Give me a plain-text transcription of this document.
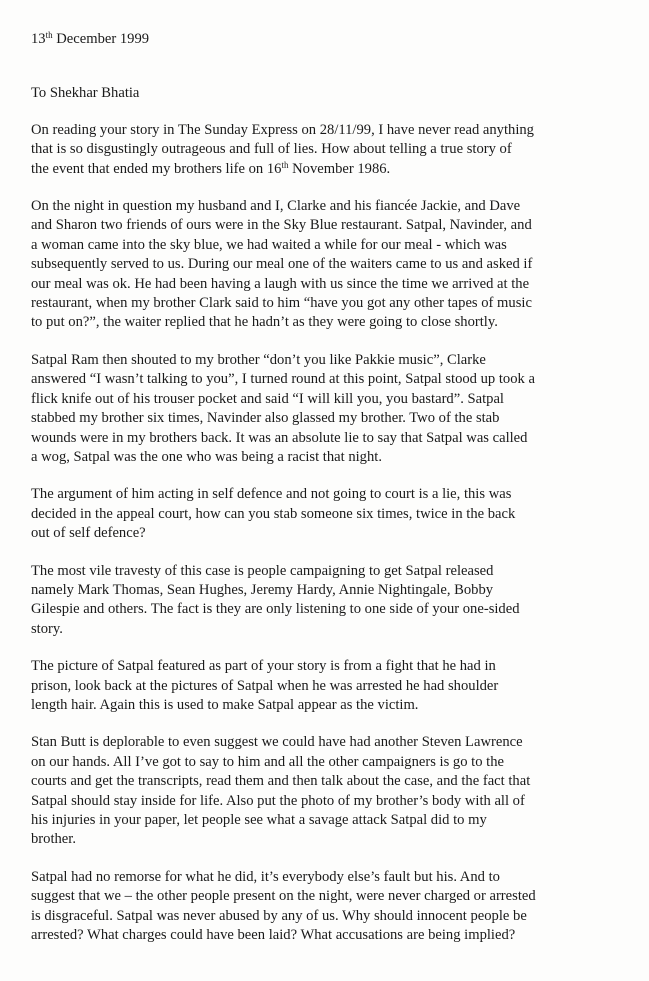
13th December 1999
To Shekhar Bhatia
On reading your story in The Sunday Express on 28/11/99, I have never read anything
that is so disgustingly outrageous and full of lies. How about telling a true story of
the event that ended my brothers life on 16th November 1986.
On the night in question my husband and I, Clarke and his fiancée Jackie, and Dave
and Sharon two friends of ours were in the Sky Blue restaurant. Satpal, Navinder, and
a woman came into the sky blue, we had waited a while for our meal - which was
subsequently served to us. During our meal one of the waiters came to us and asked if
our meal was ok. He had been having a laugh with us since the time we arrived at the
restaurant, when my brother Clark said to him “have you got any other tapes of music
to put on?”, the waiter replied that he hadn’t as they were going to close shortly.
Satpal Ram then shouted to my brother “don’t you like Pakkie music”, Clarke
answered “I wasn’t talking to you”, I turned round at this point, Satpal stood up took a
flick knife out of his trouser pocket and said “I will kill you, you bastard”. Satpal
stabbed my brother six times, Navinder also glassed my brother. Two of the stab
wounds were in my brothers back. It was an absolute lie to say that Satpal was called
a wog, Satpal was the one who was being a racist that night.
The argument of him acting in self defence and not going to court is a lie, this was
decided in the appeal court, how can you stab someone six times, twice in the back
out of self defence?
The most vile travesty of this case is people campaigning to get Satpal released
namely Mark Thomas, Sean Hughes, Jeremy Hardy, Annie Nightingale, Bobby
Gilespie and others. The fact is they are only listening to one side of your one-sided
story.
The picture of Satpal featured as part of your story is from a fight that he had in
prison, look back at the pictures of Satpal when he was arrested he had shoulder
length hair. Again this is used to make Satpal appear as the victim.
Stan Butt is deplorable to even suggest we could have had another Steven Lawrence
on our hands. All I’ve got to say to him and all the other campaigners is go to the
courts and get the transcripts, read them and then talk about the case, and the fact that
Satpal should stay inside for life. Also put the photo of my brother’s body with all of
his injuries in your paper, let people see what a savage attack Satpal did to my
brother.
Satpal had no remorse for what he did, it’s everybody else’s fault but his. And to
suggest that we – the other people present on the night, were never charged or arrested
is disgraceful. Satpal was never abused by any of us. Why should innocent people be
arrested? What charges could have been laid? What accusations are being implied?
